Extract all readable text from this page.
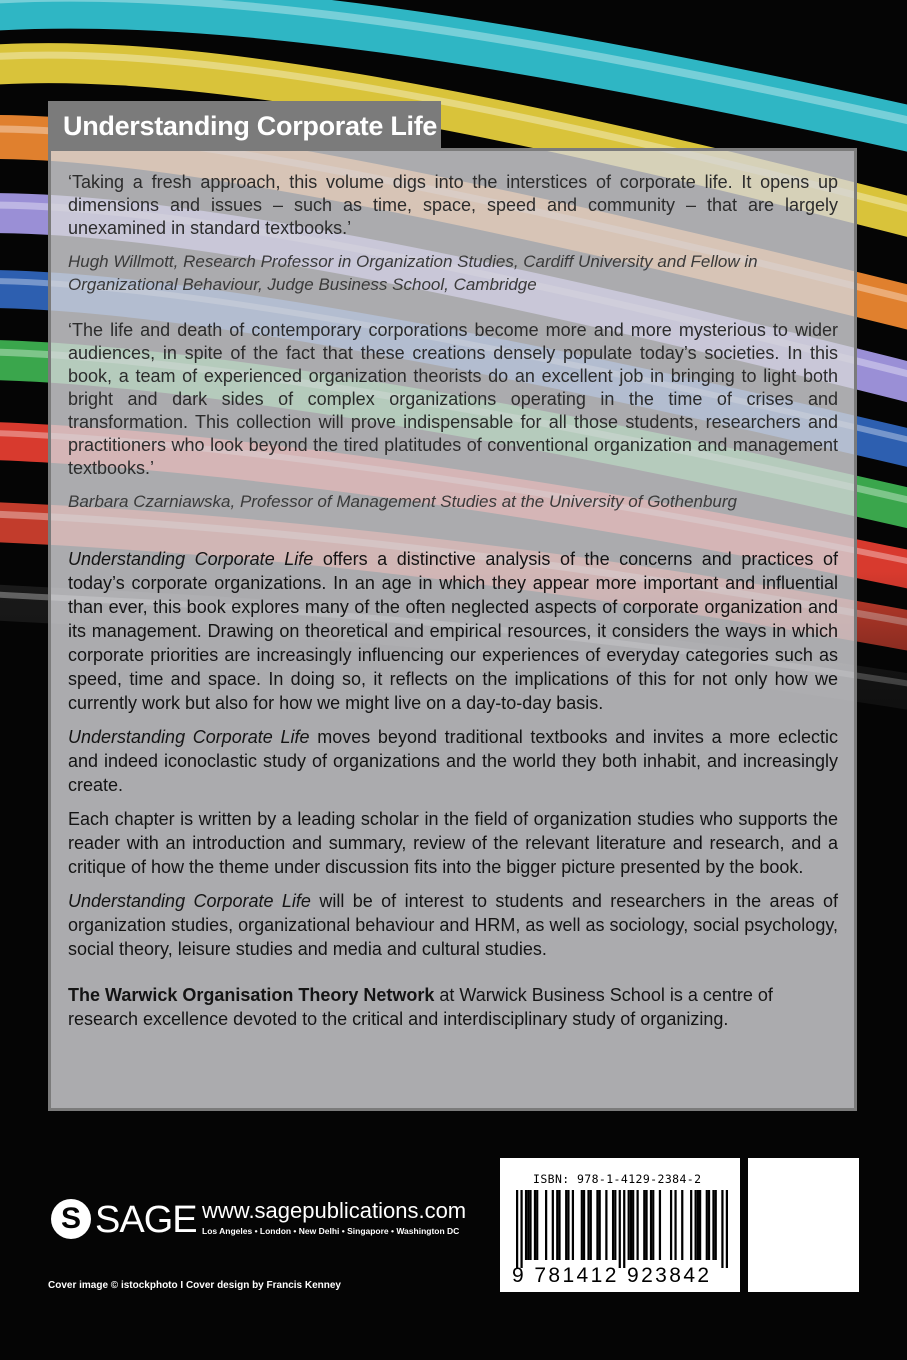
Understanding Corporate Life

‘Taking a fresh approach, this volume digs into the interstices of corporate life. It opens up dimensions and issues – such as time, space, speed and community – that are largely unexamined in standard textbooks.’

Hugh Willmott, Research Professor in Organization Studies, Cardiff University and Fellow in Organizational Behaviour, Judge Business School, Cambridge

‘The life and death of contemporary corporations become more and more mysterious to wider audiences, in spite of the fact that these creations densely populate today’s societies. In this book, a team of experienced organization theorists do an excellent job in bringing to light both bright and dark sides of complex organizations operating in the time of crises and transformation. This collection will prove indispensable for all those students, researchers and practitioners who look beyond the tired platitudes of conventional organization and management textbooks.’

Barbara Czarniawska, Professor of Management Studies at the University of Gothenburg

Understanding Corporate Life offers a distinctive analysis of the concerns and practices of today’s corporate organizations. In an age in which they appear more important and influential than ever, this book explores many of the often neglected aspects of corporate organization and its management. Drawing on theoretical and empirical resources, it considers the ways in which corporate priorities are increasingly influencing our experiences of everyday categories such as speed, time and space. In doing so, it reflects on the implications of this for not only how we currently work but also for how we might live on a day-to-day basis.

Understanding Corporate Life moves beyond traditional textbooks and invites a more eclectic and indeed iconoclastic study of organizations and the world they both inhabit, and increasingly create.

Each chapter is written by a leading scholar in the field of organization studies who supports the reader with an introduction and summary, review of the relevant literature and research, and a critique of how the theme under discussion fits into the bigger picture presented by the book.

Understanding Corporate Life will be of interest to students and researchers in the areas of organization studies, organizational behaviour and HRM, as well as sociology, social psychology, social theory, leisure studies and media and cultural studies.

The Warwick Organisation Theory Network at Warwick Business School is a centre of research excellence devoted to the critical and interdisciplinary study of organizing.

S SAGE www.sagepublications.com
Los Angeles • London • New Delhi • Singapore • Washington DC
Cover image © istockphoto I Cover design by Francis Kenney
ISBN: 978-1-4129-2384-2
9 781412 923842
